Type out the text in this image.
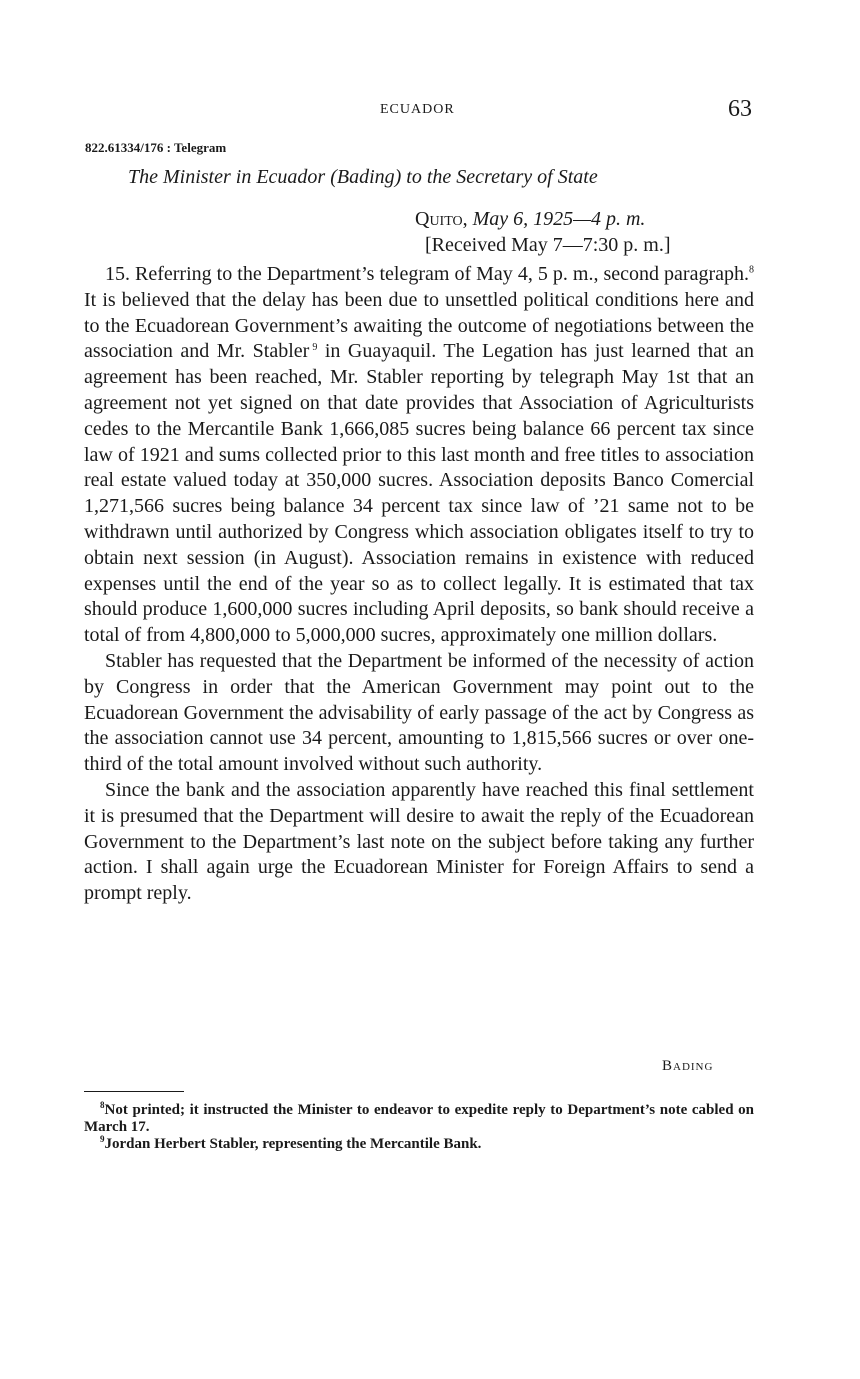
ECUADOR	63
822.61334/176 : Telegram
The Minister in Ecuador (Bading) to the Secretary of State
Quito, May 6, 1925—4 p. m.
[Received May 7—7:30 p. m.]

15. Referring to the Department’s telegram of May 4, 5 p. m., second paragraph.$^8$ It is believed that the delay has been due to unsettled political conditions here and to the Ecuadorean Government’s awaiting the outcome of negotiations between the association and Mr. Stabler $^9$ in Guayaquil. The Legation has just learned that an agreement has been reached, Mr. Stabler reporting by telegraph May 1st that an agreement not yet signed on that date provides that Association of Agriculturists cedes to the Mercantile Bank 1,666,085 sucres being balance 66 percent tax since law of 1921 and sums collected prior to this last month and free titles to association real estate valued today at 350,000 sucres. Association deposits Banco Comercial 1,271,566 sucres being balance 34 percent tax since law of ’21 same not to be withdrawn until authorized by Congress which association obligates itself to try to obtain next session (in August). Association remains in existence with reduced expenses until the end of the year so as to collect legally. It is estimated that tax should produce 1,600,000 sucres including April deposits, so bank should receive a total of from 4,800,000 to 5,000,000 sucres, approximately one million dollars.

Stabler has requested that the Department be informed of the necessity of action by Congress in order that the American Government may point out to the Ecuadorean Government the advisability of early passage of the act by Congress as the association cannot use 34 percent, amounting to 1,815,566 sucres or over one-third of the total amount involved without such authority.

Since the bank and the association apparently have reached this final settlement it is presumed that the Department will desire to await the reply of the Ecuadorean Government to the Department’s last note on the subject before taking any further action. I shall again urge the Ecuadorean Minister for Foreign Affairs to send a prompt reply.

Bading

$^8$Not printed; it instructed the Minister to endeavor to expedite reply to Department’s note cabled on March 17.

$^9$Jordan Herbert Stabler, representing the Mercantile Bank.
